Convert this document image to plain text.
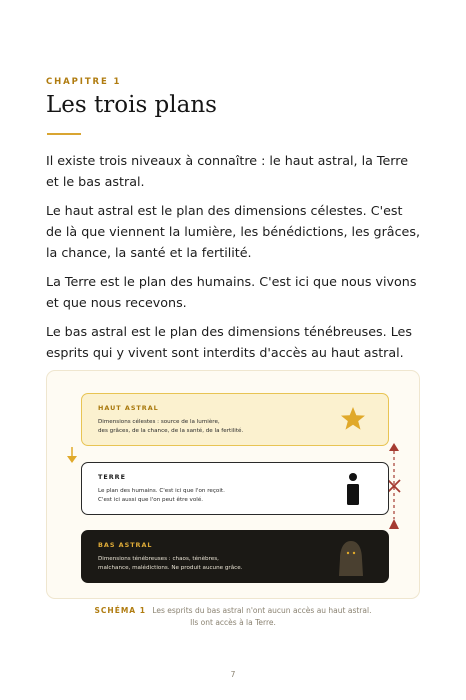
CHAPITRE 1
Les trois plans

Il existe trois niveaux à connaître : le haut astral, la Terre et le bas astral.

Le haut astral est le plan des dimensions célestes. C'est de là que viennent la lumière, les bénédictions, les grâces, la chance, la santé et la fertilité.

La Terre est le plan des humains. C'est ici que nous vivons et que nous recevons.

Le bas astral est le plan des dimensions ténébreuses. Les esprits qui y vivent sont interdits d'accès au haut astral.

HAUT ASTRAL
Dimensions célestes : source de la lumière,
des grâces, de la chance, de la santé, de la fertilité.
TERRE
Le plan des humains. C'est ici que l'on reçoit.
C'est ici aussi que l'on peut être volé.
BAS ASTRAL
Dimensions ténébreuses : chaos, ténèbres,
malchance, malédictions. Ne produit aucune grâce.
SCHÉMA 1 Les esprits du bas astral n'ont aucun accès au haut astral.
Ils ont accès à la Terre.
7
